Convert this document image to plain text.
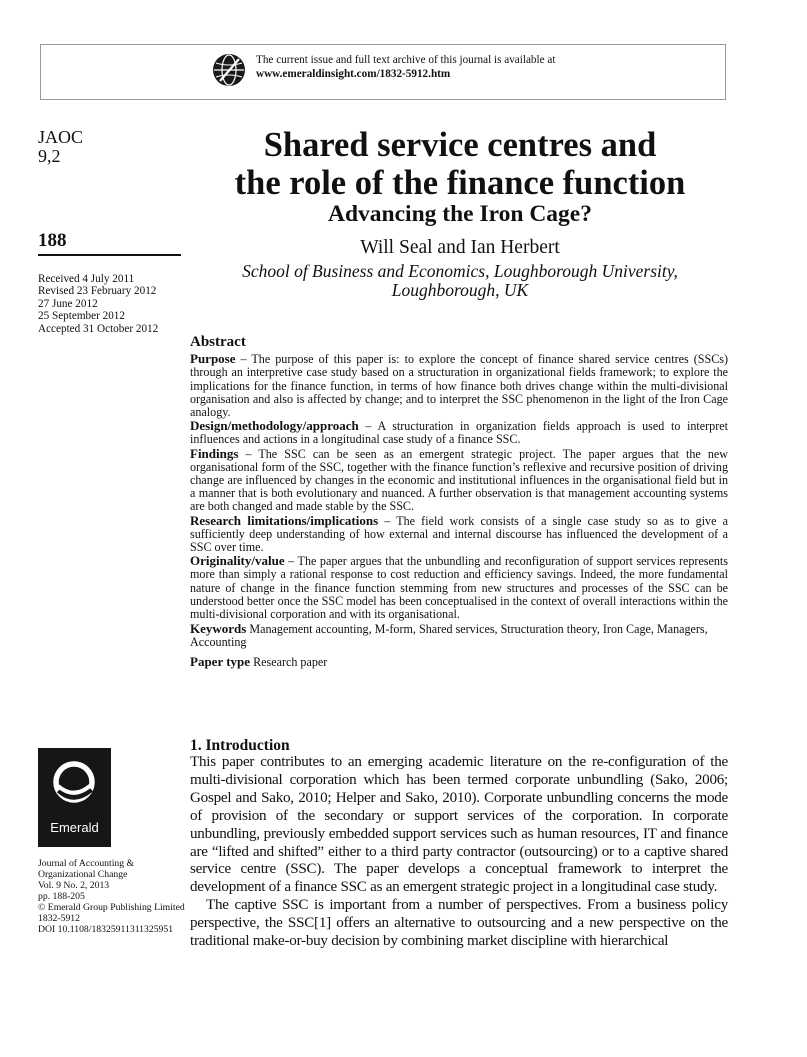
The current issue and full text archive of this journal is available at
www.emeraldinsight.com/1832-5912.htm
JAOC
9,2
188
Received 4 July 2011
Revised 23 February 2012
27 June 2012
25 September 2012
Accepted 31 October 2012
Shared service centres and
the role of the finance function
Advancing the Iron Cage?
Will Seal and Ian Herbert
School of Business and Economics, Loughborough University,
Loughborough, UK
Abstract

Purpose – The purpose of this paper is: to explore the concept of finance shared service centres (SSCs) through an interpretive case study based on a structuration in organizational fields framework; to explore the implications for the finance function, in terms of how finance both drives change within the multi-divisional organisation and also is affected by change; and to interpret the SSC phenomenon in the light of the Iron Cage analogy.

Design/methodology/approach – A structuration in organization fields approach is used to interpret influences and actions in a longitudinal case study of a finance SSC.

Findings – The SSC can be seen as an emergent strategic project. The paper argues that the new organisational form of the SSC, together with the finance function’s reflexive and recursive position of driving change are influenced by changes in the economic and institutional influences in the organisational field but in a manner that is both evolutionary and nuanced. A further observation is that management accounting systems are both changed and made stable by the SSC.

Research limitations/implications – The field work consists of a single case study so as to give a sufficiently deep understanding of how external and internal discourse has influenced the development of a SSC over time.

Originality/value – The paper argues that the unbundling and reconfiguration of support services represents more than simply a rational response to cost reduction and efficiency savings. Indeed, the more fundamental nature of change in the finance function stemming from new structures and processes of the SSC can be understood better once the SSC model has been conceptualised in the context of overall interactions within the multi-divisional corporation and with its organisational.

Keywords Management accounting, M-form, Shared services, Structuration theory, Iron Cage, Managers, Accounting

Paper type Research paper

1. Introduction

This paper contributes to an emerging academic literature on the re-configuration of the multi-divisional corporation which has been termed corporate unbundling (Sako, 2006; Gospel and Sako, 2010; Helper and Sako, 2010). Corporate unbundling concerns the mode of provision of the secondary or support services of the corporation. In corporate unbundling, previously embedded support services such as human resources, IT and finance are “lifted and shifted” either to a third party contractor (outsourcing) or to a captive shared service centre (SSC). The paper develops a conceptual framework to interpret the development of a finance SSC as an emergent strategic project in a longitudinal case study.

The captive SSC is important from a number of perspectives. From a business policy perspective, the SSC[1] offers an alternative to outsourcing and a new perspective on the traditional make-or-buy decision by combining market discipline with hierarchical

Emerald
Journal of Accounting &
Organizational Change
Vol. 9 No. 2, 2013
pp. 188-205
© Emerald Group Publishing Limited
1832-5912
DOI 10.1108/18325911311325951
